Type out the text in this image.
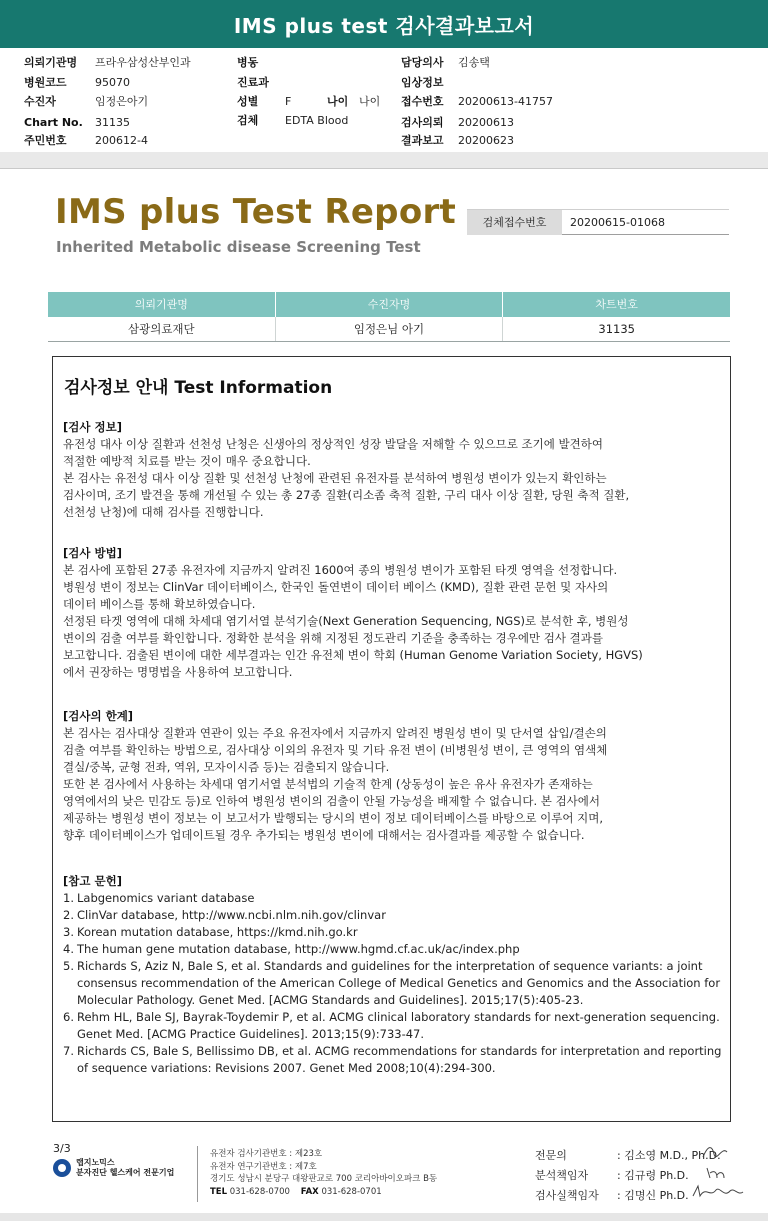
IMS plus test 검사결과보고서
의뢰기관명 프라우삼성산부인과
병원코드	95070
수진자	임정은아기
Chart No. 31135
주민번호	200612-4
병동
진료과
성별 F	나이 나이
검체 EDTA Blood
담당의사 김송택
임상정보
접수번호 20200613-41757
검사의뢰 20200613
결과보고 20200623
IMS plus Test Report
Inherited Metabolic disease Screening Test
검체접수번호	20200615-01068
의뢰기관명	수진자명	차트번호
삼광의료재단	임정은님 아기	31135
검사정보 안내 Test Information

[검사 정보]

유전성 대사 이상 질환과 선천성 난청은 신생아의 정상적인 성장 발달을 저해할 수 있으므로 조기에 발견하여

적절한 예방적 치료를 받는 것이 매우 중요합니다.

본 검사는 유전성 대사 이상 질환 및 선천성 난청에 관련된 유전자를 분석하여 병원성 변이가 있는지 확인하는

검사이며, 조기 발견을 통해 개선될 수 있는 총 27종 질환(리소좀 축적 질환, 구리 대사 이상 질환, 당원 축적 질환,

선천성 난청)에 대해 검사를 진행합니다.

[검사 방법]

본 검사에 포함된 27종 유전자에 지금까지 알려진 1600여 종의 병원성 변이가 포함된 타겟 영역을 선정합니다.

병원성 변이 정보는 ClinVar 데이터베이스, 한국인 돌연변이 데이터 베이스 (KMD), 질환 관련 문헌 및 자사의

데이터 베이스를 통해 확보하였습니다.

선정된 타겟 영역에 대해 차세대 염기서열 분석기술(Next Generation Sequencing, NGS)로 분석한 후, 병원성

변이의 검출 여부를 확인합니다. 정확한 분석을 위해 지정된 정도관리 기준을 충족하는 경우에만 검사 결과를

보고합니다. 검출된 변이에 대한 세부결과는 인간 유전체 변이 학회 (Human Genome Variation Society, HGVS)

에서 권장하는 명명법을 사용하여 보고합니다.

[검사의 한계]

본 검사는 검사대상 질환과 연관이 있는 주요 유전자에서 지금까지 알려진 병원성 변이 및 단서열 삽입/결손의

검출 여부를 확인하는 방법으로, 검사대상 이외의 유전자 및 기타 유전 변이 (비병원성 변이, 큰 영역의 염색체

결실/중복, 균형 전좌, 역위, 모자이시즘 등)는 검출되지 않습니다.

또한 본 검사에서 사용하는 차세대 염기서열 분석법의 기술적 한계 (상동성이 높은 유사 유전자가 존재하는

영역에서의 낮은 민감도 등)로 인하여 병원성 변이의 검출이 안될 가능성을 배제할 수 없습니다. 본 검사에서

제공하는 병원성 변이 정보는 이 보고서가 발행되는 당시의 변이 정보 데이터베이스를 바탕으로 이루어 지며,

향후 데이터베이스가 업데이트될 경우 추가되는 병원성 변이에 대해서는 검사결과를 제공할 수 없습니다.

[참고 문헌]

1. Labgenomics variant database
2. ClinVar database, http://www.ncbi.nlm.nih.gov/clinvar
3. Korean mutation database, https://kmd.nih.go.kr
4. The human gene mutation database, http://www.hgmd.cf.ac.uk/ac/index.php
5. Richards S, Aziz N, Bale S, et al. Standards and guidelines for the interpretation of sequence variants: a joint consensus recommendation of the American College of Medical Genetics and Genomics and the Association for Molecular Pathology. Genet Med. [ACMG Standards and Guidelines]. 2015;17(5):405-23.
6. Rehm HL, Bale SJ, Bayrak-Toydemir P, et al. ACMG clinical laboratory standards for next-generation sequencing. Genet Med. [ACMG Practice Guidelines]. 2013;15(9):733-47.
7. Richards CS, Bale S, Bellissimo DB, et al. ACMG recommendations for standards for interpretation and reporting of sequence variations: Revisions 2007. Genet Med 2008;10(4):294-300.
3/3
랩지노믹스
분자진단 헬스케어 전문기업
유전자 검사기관번호 : 제23호
유전자 연구기관번호 : 제7호
경기도 성남시 분당구 대왕판교로 700 코리아바이오파크 B동
TEL 031-628-0700 FAX 031-628-0701
전문의	: 김소영 M.D., Ph.D.
분석책임자	: 김규령 Ph.D.
검사실책임자	: 김명신 Ph.D.
